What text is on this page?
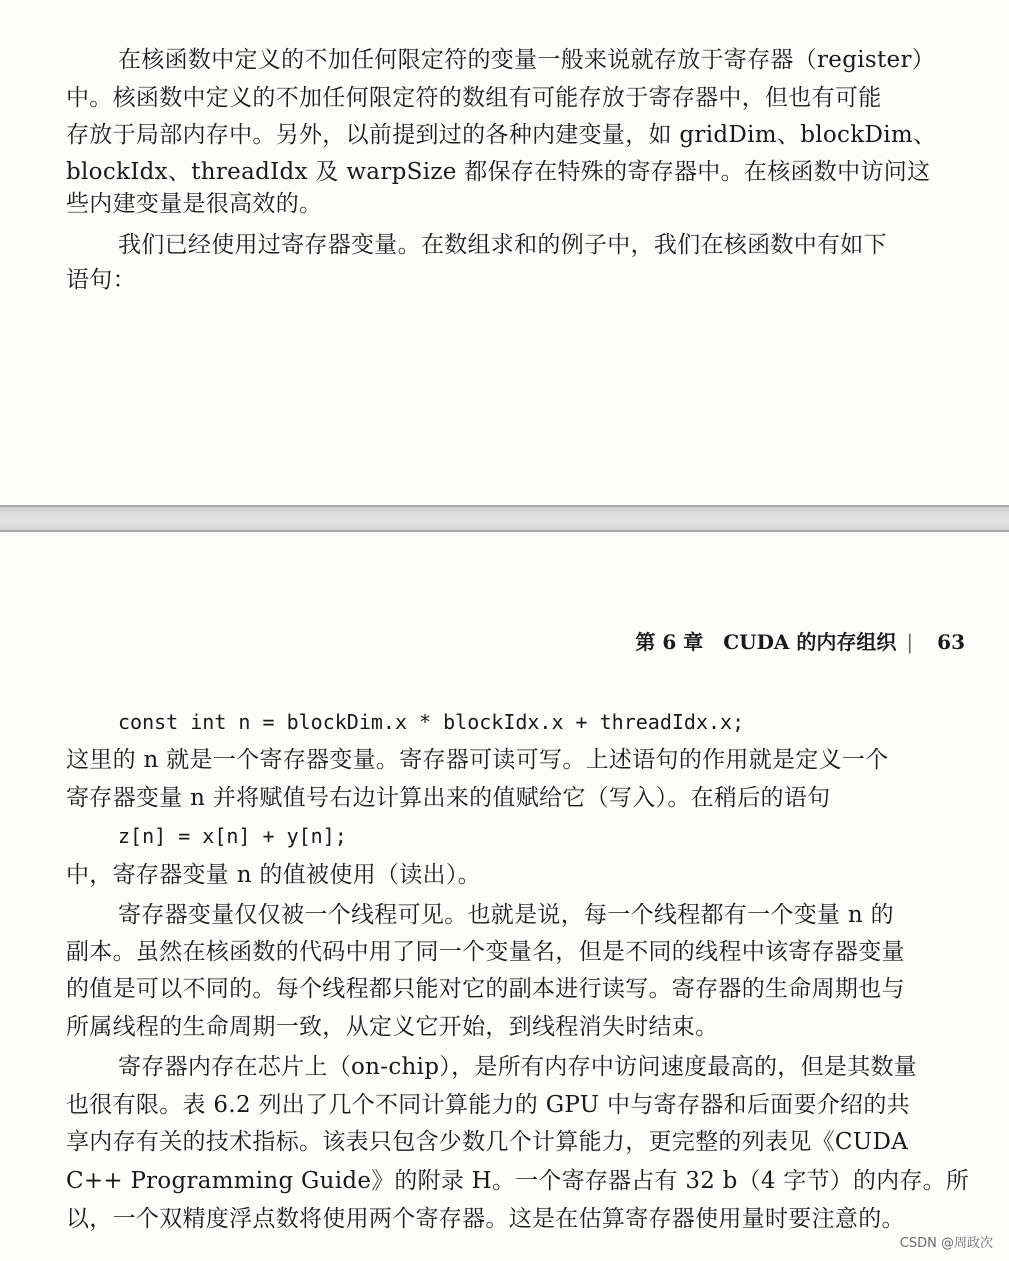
在核函数中定义的不加任何限定符的变量一般来说就存放于寄存器（register）
中。核函数中定义的不加任何限定符的数组有可能存放于寄存器中，但也有可能
存放于局部内存中。另外，以前提到过的各种内建变量，如 gridDim、blockDim、
blockIdx、threadIdx 及 warpSize 都保存在特殊的寄存器中。在核函数中访问这
些内建变量是很高效的。
我们已经使用过寄存器变量。在数组求和的例子中，我们在核函数中有如下
语句：
第 6 章　CUDA 的内存组织 | 63
const int n = blockDim.x * blockIdx.x + threadIdx.x;
这里的 n 就是一个寄存器变量。寄存器可读可写。上述语句的作用就是定义一个
寄存器变量 n 并将赋值号右边计算出来的值赋给它（写入）。在稍后的语句
z[n] = x[n] + y[n];
中，寄存器变量 n 的值被使用（读出）。
寄存器变量仅仅被一个线程可见。也就是说，每一个线程都有一个变量 n 的
副本。虽然在核函数的代码中用了同一个变量名，但是不同的线程中该寄存器变量
的值是可以不同的。每个线程都只能对它的副本进行读写。寄存器的生命周期也与
所属线程的生命周期一致，从定义它开始，到线程消失时结束。
寄存器内存在芯片上（on-chip），是所有内存中访问速度最高的，但是其数量
也很有限。表 6.2 列出了几个不同计算能力的 GPU 中与寄存器和后面要介绍的共
享内存有关的技术指标。该表只包含少数几个计算能力，更完整的列表见《CUDA
C++ Programming Guide》的附录 H。一个寄存器占有 32 b（4 字节）的内存。所
以，一个双精度浮点数将使用两个寄存器。这是在估算寄存器使用量时要注意的。
CSDN @周政次
